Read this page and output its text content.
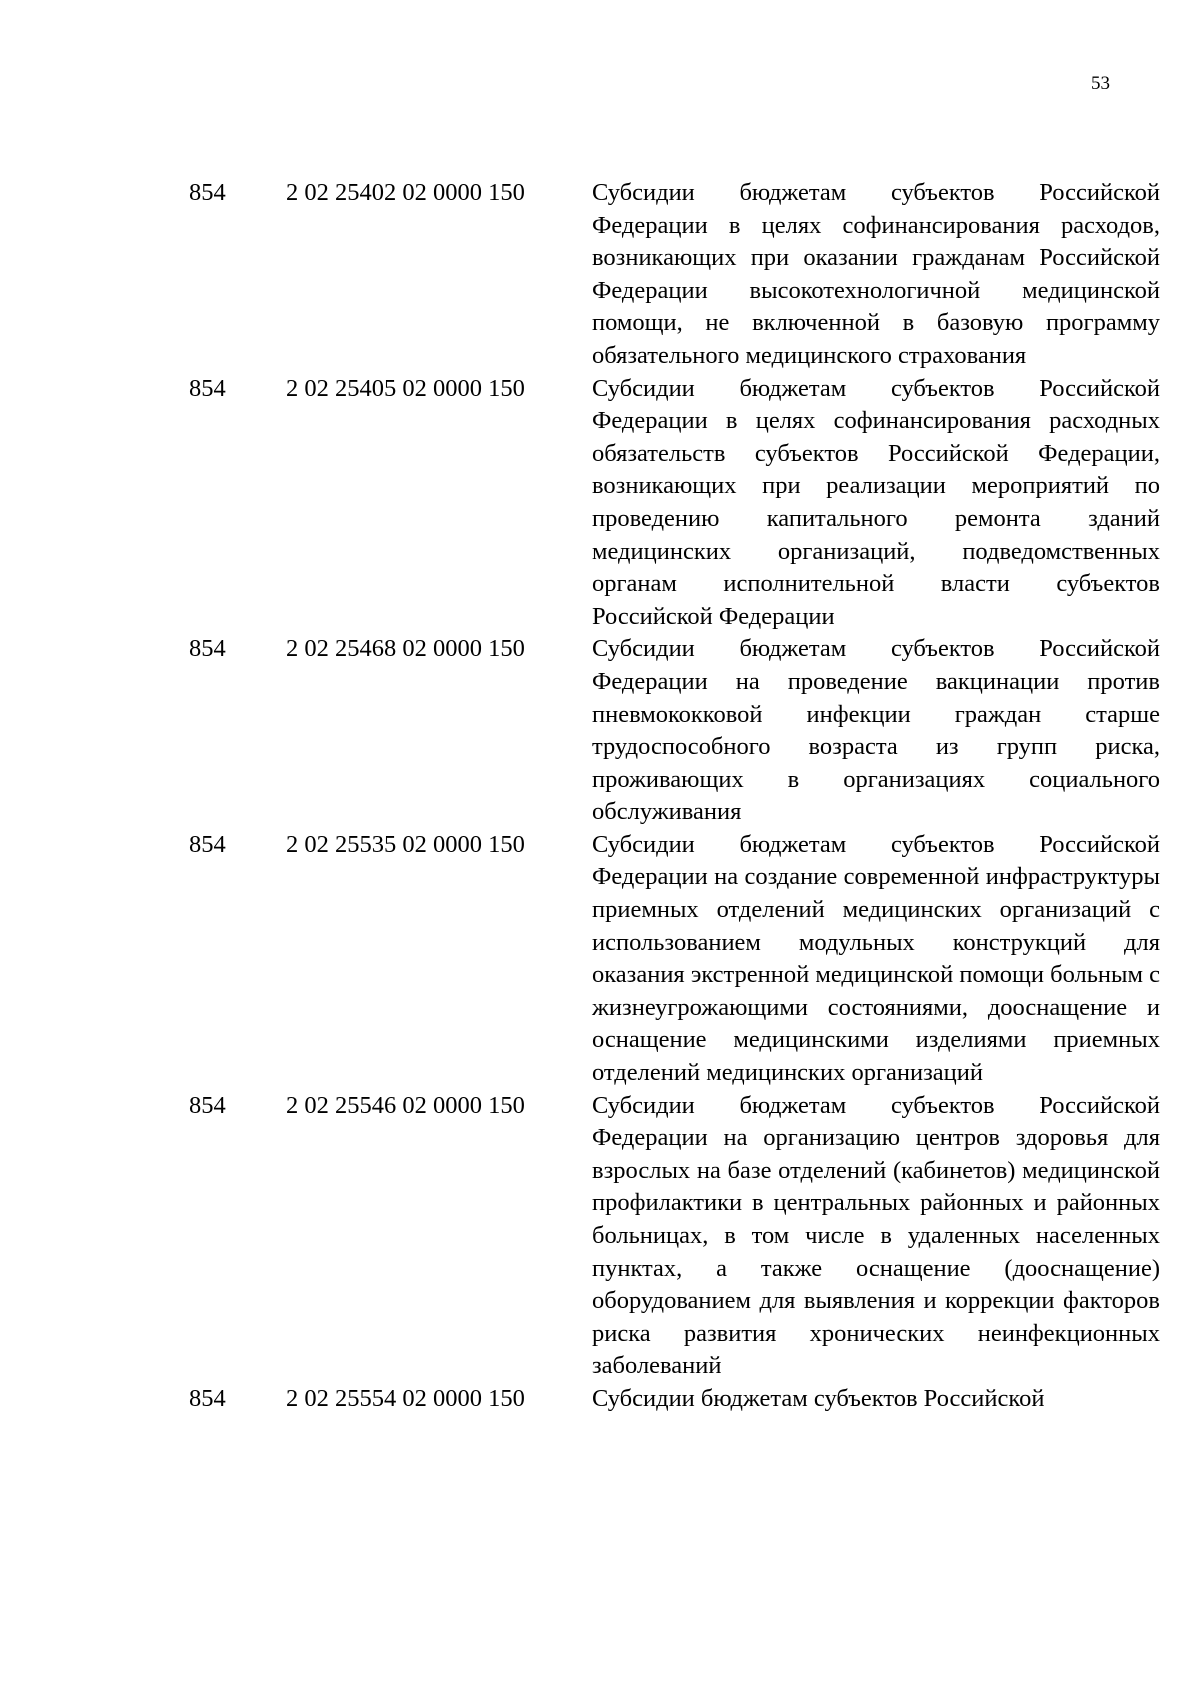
53
854	2 02 25402 02 0000 150	Субсидии бюджетам субъектов Российской Федерации в целях софинансирования расходов, возникающих при оказании гражданам Российской Федерации высокотехнологичной медицинской помощи, не включенной в базовую программу обязательного медицинского страхования
854	2 02 25405 02 0000 150	Субсидии бюджетам субъектов Российской Федерации в целях софинансирования расходных обязательств субъектов Российской Федерации, возникающих при реализации мероприятий по проведению капитального ремонта зданий медицинских организаций, подведомственных органам исполнительной власти субъектов Российской Федерации
854	2 02 25468 02 0000 150	Субсидии бюджетам субъектов Российской Федерации на проведение вакцинации против пневмококковой инфекции граждан старше трудоспособного возраста из групп риска, проживающих в организациях социального обслуживания
854	2 02 25535 02 0000 150	Субсидии бюджетам субъектов Российской Федерации на создание современной инфраструктуры приемных отделений медицинских организаций с использованием модульных конструкций для оказания экстренной медицинской помощи больным с жизнеугрожающими состояниями, дооснащение и оснащение медицинскими изделиями приемных отделений медицинских организаций
854	2 02 25546 02 0000 150	Субсидии бюджетам субъектов Российской Федерации на организацию центров здоровья для взрослых на базе отделений (кабинетов) медицинской профилактики в центральных районных и районных больницах, в том числе в удаленных населенных пунктах, а также оснащение (дооснащение) оборудованием для выявления и коррекции факторов риска развития хронических неинфекционных заболеваний
854	2 02 25554 02 0000 150	Субсидии бюджетам субъектов Российской
